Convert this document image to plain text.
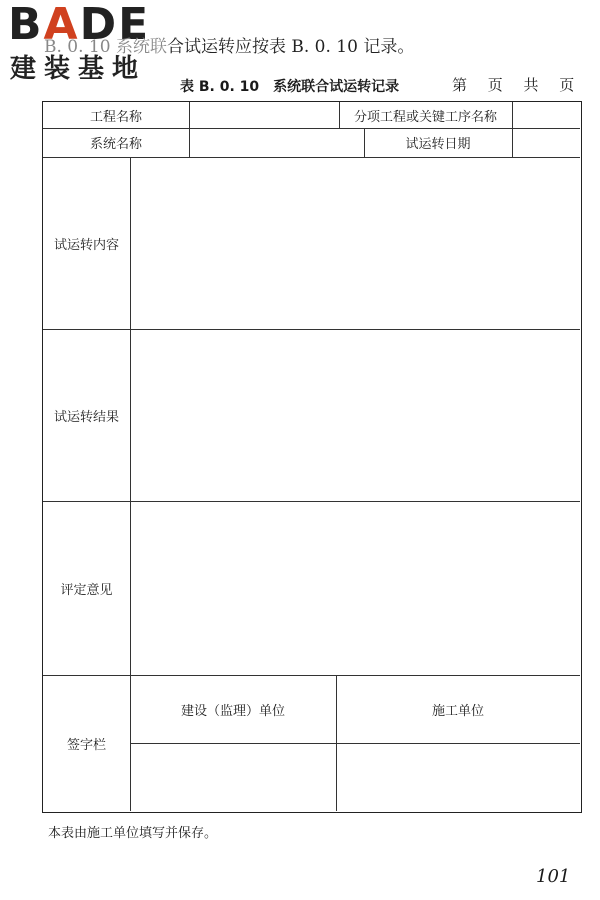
BADE
建装基地
B. 0. 10 系统联合试运转应按表 B. 0. 10 记录。
表 B. 0. 10　系统联合试运转记录	第 页 共 页
工程名称	分项工程或关键工序名称
系统名称	试运转日期
试运转内容
试运转结果
评定意见
签字栏
建设（监理）单位	施工单位
本表由施工单位填写并保存。
101
